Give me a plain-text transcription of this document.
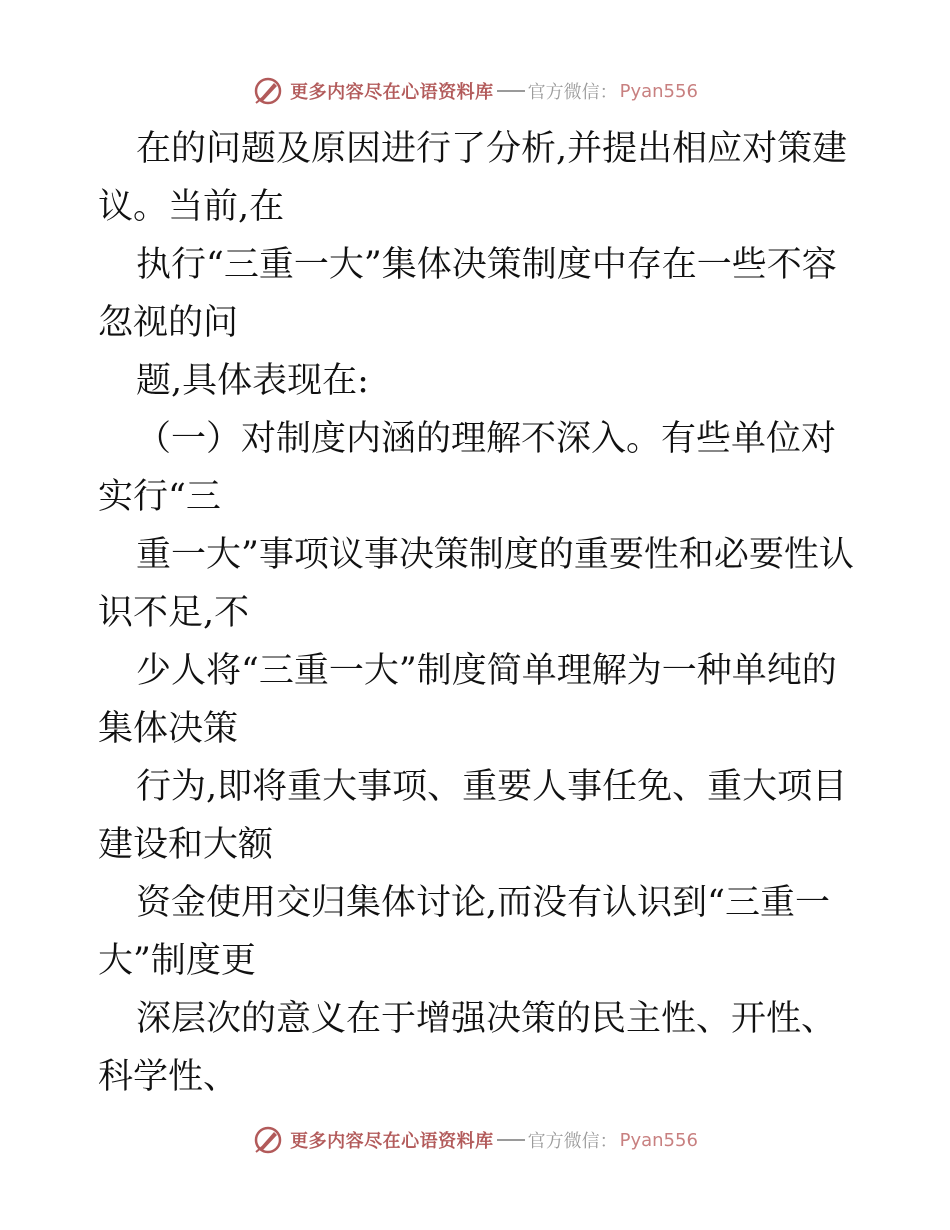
更多内容尽在心语资料库 官方微信： Pyan556

在的问题及原因进行了分析,并提出相应对策建议。当前,在

执行“三重一大”集体决策制度中存在一些不容忽视的问

题,具体表现在:

（一）对制度内涵的理解不深入。有些单位对实行“三

重一大”事项议事决策制度的重要性和必要性认识不足,不

少人将“三重一大”制度简单理解为一种单纯的集体决策

行为,即将重大事项、重要人事任免、重大项目建设和大额

资金使用交归集体讨论,而没有认识到“三重一大”制度更

深层次的意义在于增强决策的民主性、开性、科学性、

更多内容尽在心语资料库 官方微信： Pyan556
